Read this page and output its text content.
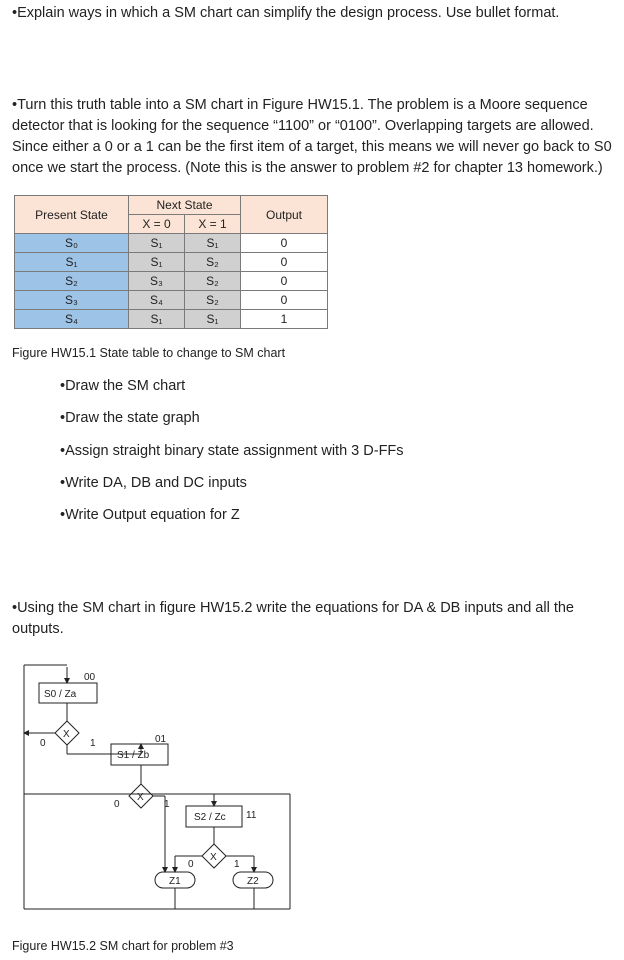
•Explain ways in which a SM chart can simplify the design process. Use bullet format.

•Turn this truth table into a SM chart in Figure HW15.1. The problem is a Moore sequence detector that is looking for the sequence “1100” or “0100”. Overlapping targets are allowed. Since either a 0 or a 1 can be the first item of a target, this means we will never go back to S0 once we start the process. (Note this is the answer to problem #2 for chapter 13 homework.)

Present State	Next State		Output
	X = 0	X = 1	
S₀	S₁	S₁	0
S₁	S₁	S₂	0
S₂	S₃	S₂	0
S₃	S₄	S₂	0
S₄	S₁	S₁	1
Figure HW15.1 State table to change to SM chart
•Draw the SM chart
•Draw the state graph
•Assign straight binary state assignment with 3 D-FFs
•Write DA, DB and DC inputs
•Write Output equation for Z

•Using the SM chart in figure HW15.2 write the equations for DA & DB inputs and all the outputs.

S0 / Za
00
X
0	1
S1 / Zb
01
X
0	1
S2 / Zc 11
X
0	1
Z1	Z2
Figure HW15.2 SM chart for problem #3
